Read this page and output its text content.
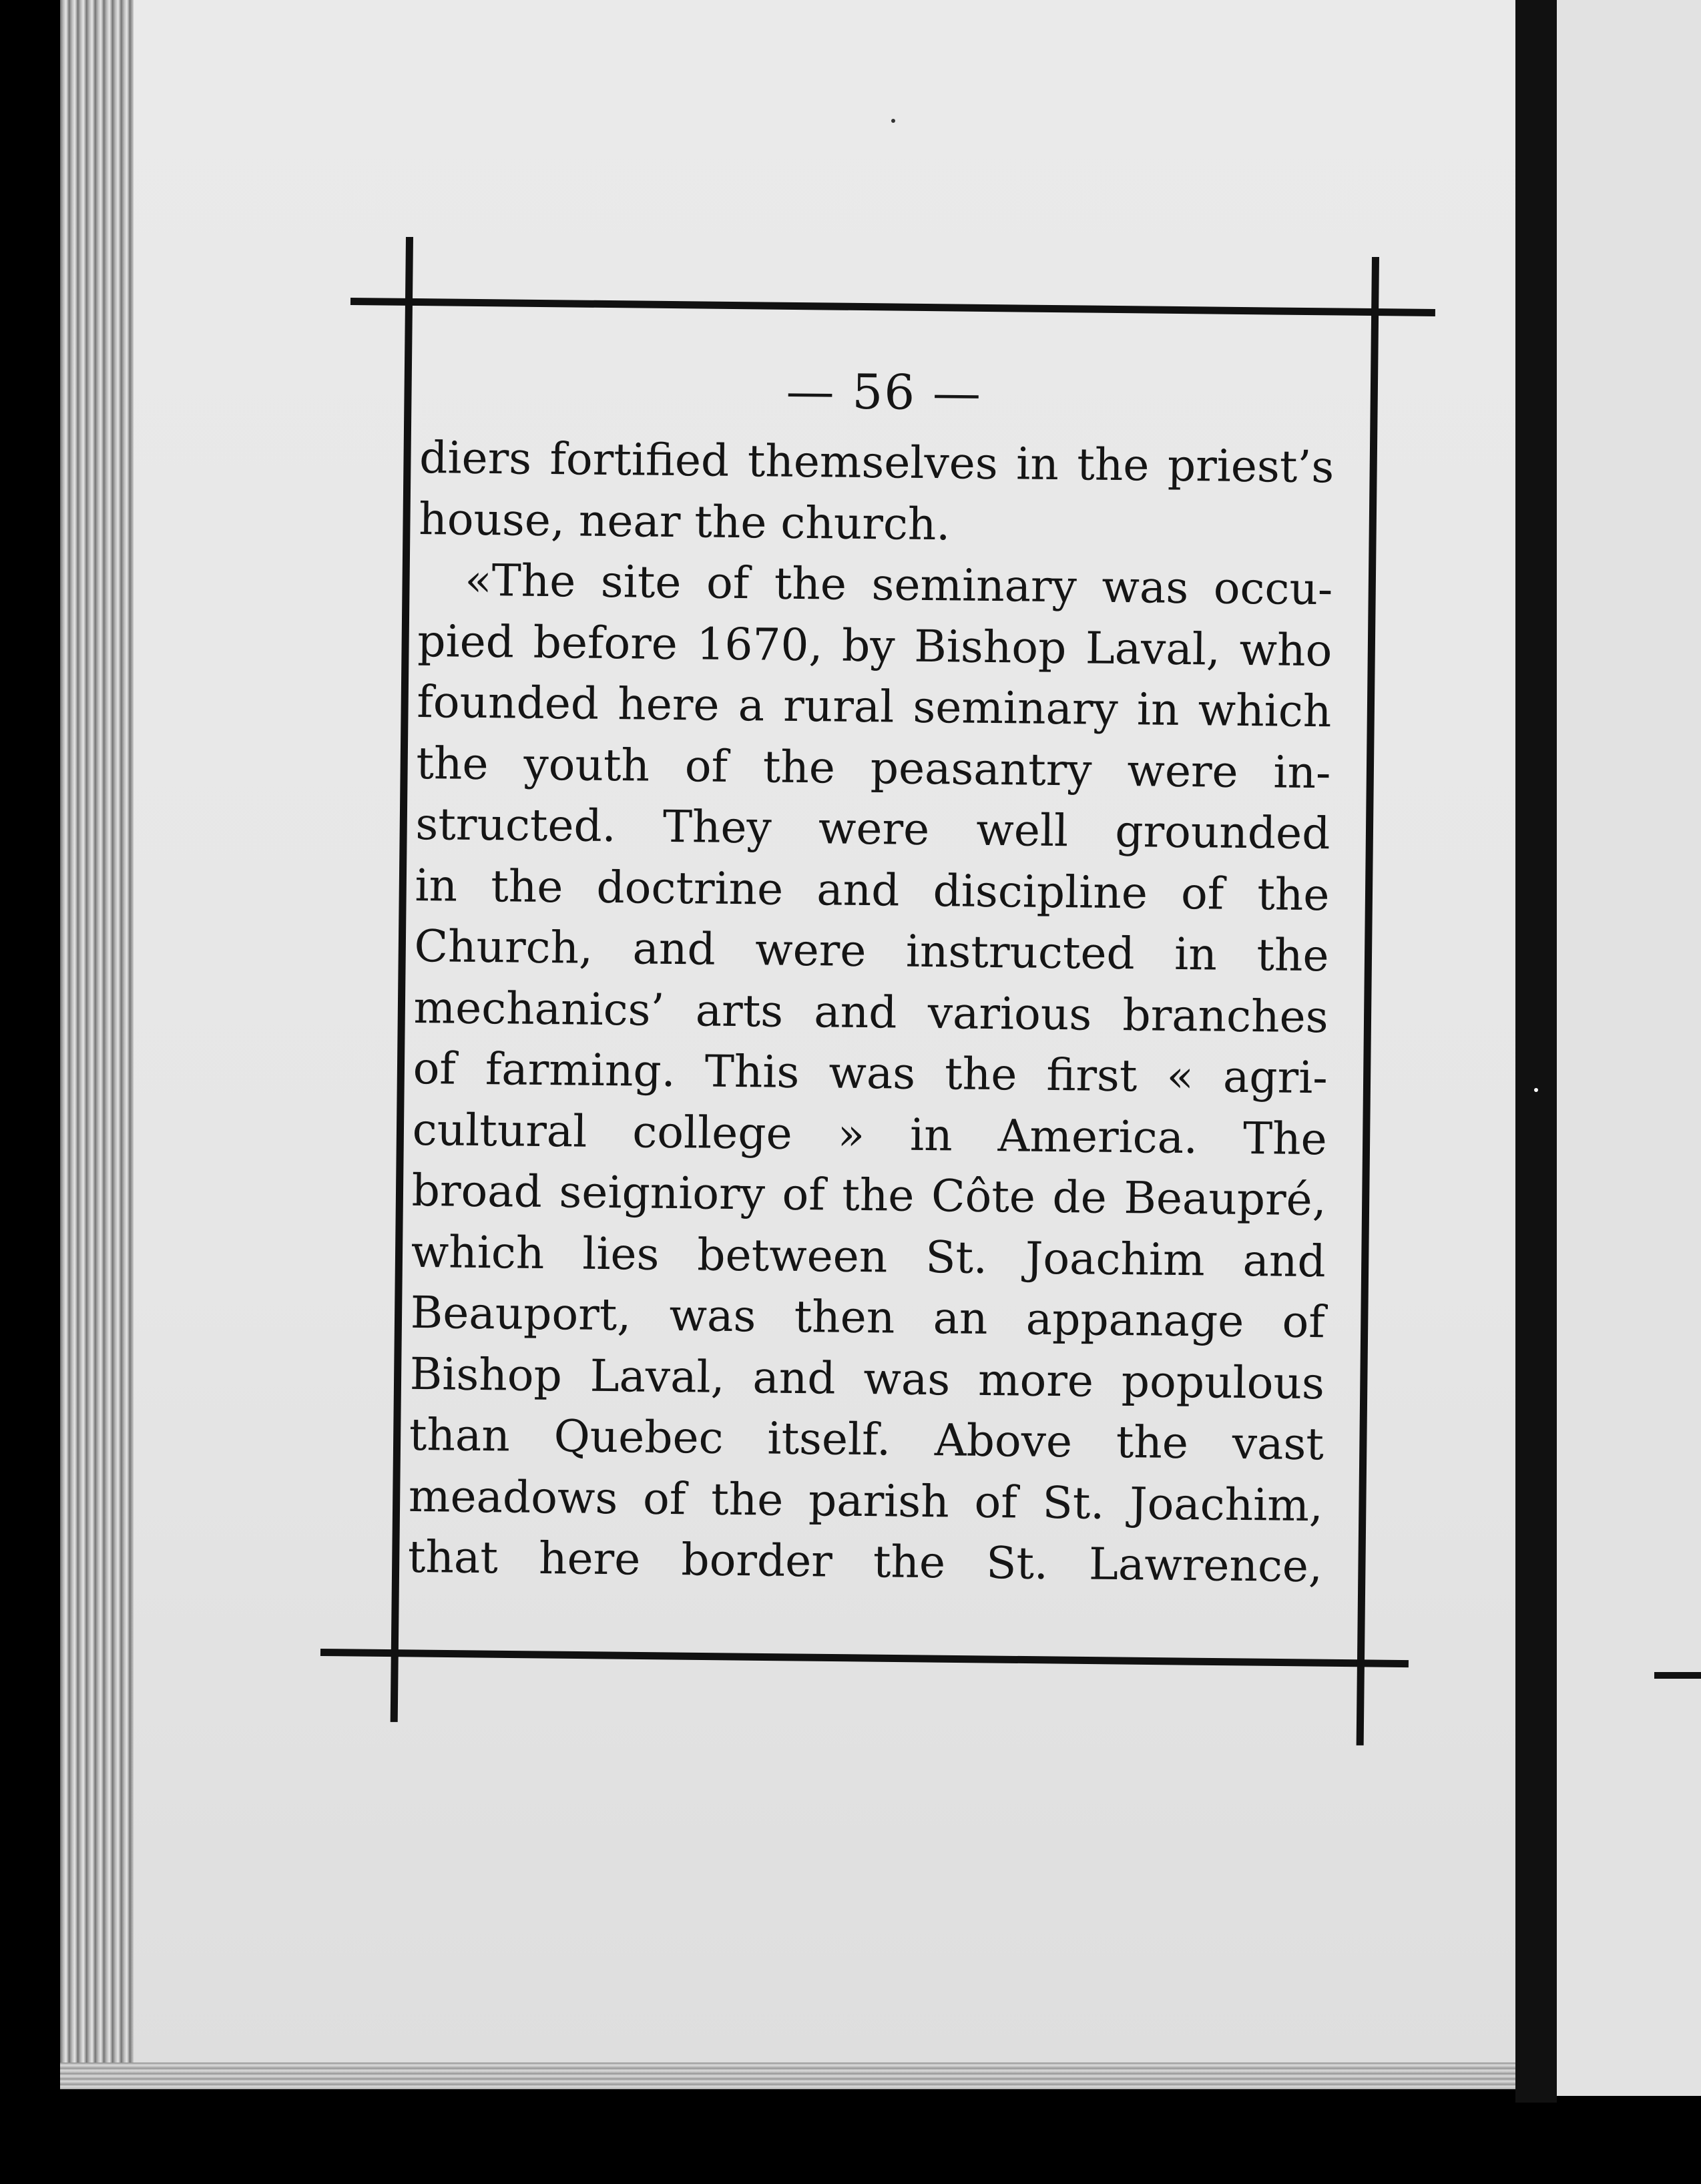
— 56 —
diers fortified themselves in the priest’s
house, near the church.
«The site of the seminary was occu-
pied before 1670, by Bishop Laval, who
founded here a rural seminary in which
the youth of the peasantry were in-
structed. They were well grounded
in the doctrine and discipline of the
Church, and were instructed in the
mechanics’ arts and various branches
of farming. This was the first « agri-
cultural college » in America. The
broad seigniory of the Côte de Beaupré,
which lies between St. Joachim and
Beauport, was then an appanage of
Bishop Laval, and was more populous
than Quebec itself. Above the vast
meadows of the parish of St. Joachim,
that here border the St. Lawrence,
